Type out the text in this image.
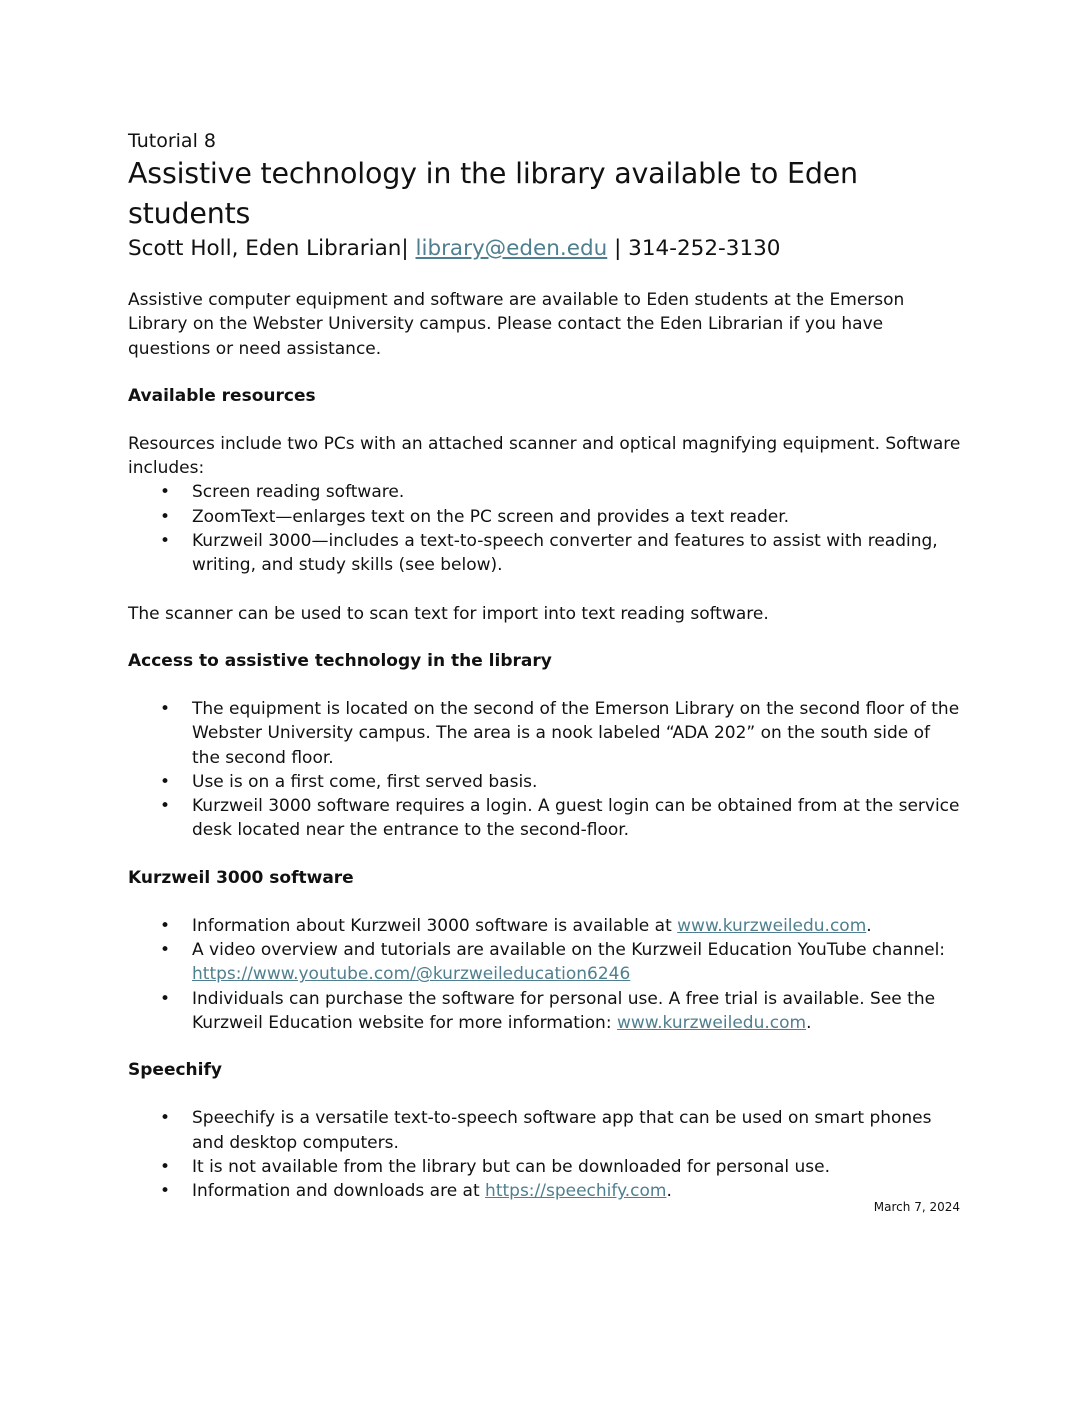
Tutorial 8
Assistive technology in the library available to Eden students
Scott Holl, Eden Librarian| library@eden.edu | 314-252-3130

Assistive computer equipment and software are available to Eden students at the Emerson Library on the Webster University campus. Please contact the Eden Librarian if you have questions or need assistance.

Available resources

Resources include two PCs with an attached scanner and optical magnifying equipment. Software includes:

• Screen reading software.
• ZoomText—enlarges text on the PC screen and provides a text reader.
• Kurzweil 3000—includes a text-to-speech converter and features to assist with reading, writing, and study skills (see below).

The scanner can be used to scan text for import into text reading software.

Access to assistive technology in the library
• The equipment is located on the second of the Emerson Library on the second floor of the Webster University campus. The area is a nook labeled “ADA 202” on the south side of the second floor.
• Use is on a first come, first served basis.
• Kurzweil 3000 software requires a login. A guest login can be obtained from at the service desk located near the entrance to the second-floor.
Kurzweil 3000 software
• Information about Kurzweil 3000 software is available at www.kurzweiledu.com.
• A video overview and tutorials are available on the Kurzweil Education YouTube channel: https://www.youtube.com/@kurzweileducation6246
• Individuals can purchase the software for personal use. A free trial is available. See the Kurzweil Education website for more information: www.kurzweiledu.com.
Speechify
• Speechify is a versatile text-to-speech software app that can be used on smart phones and desktop computers.
• It is not available from the library but can be downloaded for personal use.
• Information and downloads are at https://speechify.com.
March 7, 2024
